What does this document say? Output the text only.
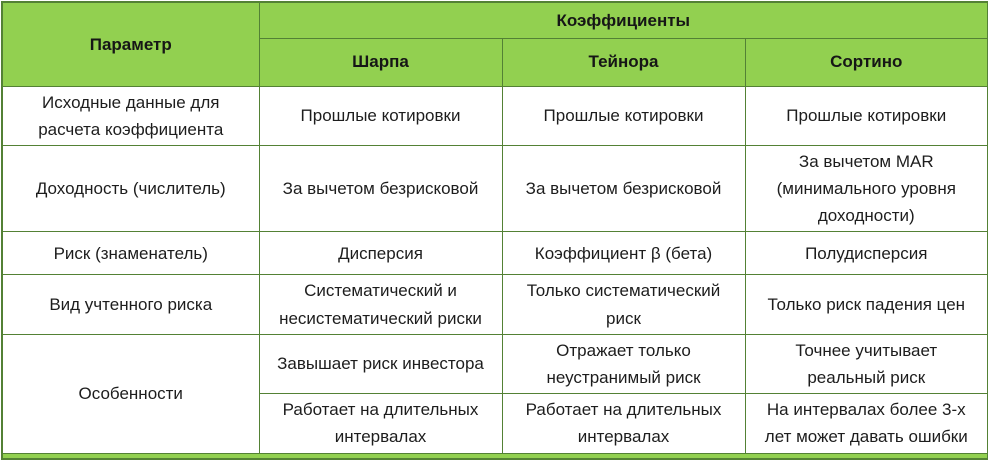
Параметр	Коэффициенты		
	Шарпа	Тейнора	Сортино
Исходные данные для расчета коэффициента	Прошлые котировки	Прошлые котировки	Прошлые котировки
Доходность (числитель)	За вычетом безрисковой	За вычетом безрисковой	За вычетом MAR (минимального уровня доходности)
Риск (знаменатель)	Дисперсия	Коэффициент β (бета)	Полудисперсия
Вид учтенного риска	Систематический и несистематический риски	Только систематический риск	Только риск падения цен
Особенности	Завышает риск инвестора	Отражает только неустранимый риск	Точнее учитывает реальный риск
	Работает на длительных интервалах	Работает на длительных интервалах	На интервалах более 3-х лет может давать ошибки
